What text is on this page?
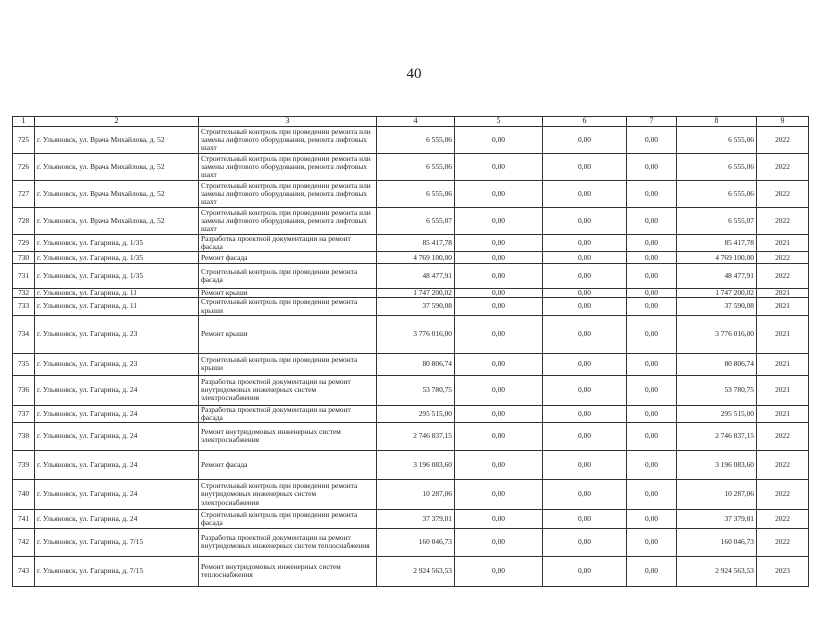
40
1	2	3	4	5	6	7	8	9
725	г. Ульяновск, ул. Врача Михайлова, д. 52	Строительный контроль при проведении ремонта или замены лифтового оборудования, ремонта лифтовых шахт	6 555,06	0,00	0,00	0,00	6 555,06	2022
726	г. Ульяновск, ул. Врача Михайлова, д. 52	Строительный контроль при проведении ремонта или замены лифтового оборудования, ремонта лифтовых шахт	6 555,06	0,00	0,00	0,00	6 555,06	2022
727	г. Ульяновск, ул. Врача Михайлова, д. 52	Строительный контроль при проведении ремонта или замены лифтового оборудования, ремонта лифтовых шахт	6 555,06	0,00	0,00	0,00	6 555,06	2022
728	г. Ульяновск, ул. Врача Михайлова, д. 52	Строительный контроль при проведении ремонта или замены лифтового оборудования, ремонта лифтовых шахт	6 555,07	0,00	0,00	0,00	6 555,07	2022
729	г. Ульяновск, ул. Гагарина, д. 1/35	Разработка проектной документации на ремонт фасада	85 417,78	0,00	0,00	0,00	85 417,78	2021
730	г. Ульяновск, ул. Гагарина, д. 1/35	Ремонт фасада	4 769 100,00	0,00	0,00	0,00	4 769 100,00	2022
731	г. Ульяновск, ул. Гагарина, д. 1/35	Строительный контроль при проведении ремонта фасада	48 477,91	0,00	0,00	0,00	48 477,91	2022
732	г. Ульяновск, ул. Гагарина, д. 11	Ремонт крыши	1 747 200,02	0,00	0,00	0,00	1 747 200,02	2021
733	г. Ульяновск, ул. Гагарина, д. 11	Строительный контроль при проведении ремонта крыши	37 590,08	0,00	0,00	0,00	37 590,08	2021
734	г. Ульяновск, ул. Гагарина, д. 23	Ремонт крыши	3 776 016,00	0,00	0,00	0,00	3 776 016,00	2021
735	г. Ульяновск, ул. Гагарина, д. 23	Строительный контроль при проведении ремонта крыши	80 806,74	0,00	0,00	0,00	80 806,74	2021
736	г. Ульяновск, ул. Гагарина, д. 24	Разработка проектной документации на ремонт внутридомовых инженерных систем электроснабжения	53 780,75	0,00	0,00	0,00	53 780,75	2021
737	г. Ульяновск, ул. Гагарина, д. 24	Разработка проектной документации на ремонт фасада	295 515,00	0,00	0,00	0,00	295 515,00	2021
738	г. Ульяновск, ул. Гагарина, д. 24	Ремонт внутридомовых инженерных систем электроснабжения	2 746 837,15	0,00	0,00	0,00	2 746 837,15	2022
739	г. Ульяновск, ул. Гагарина, д. 24	Ремонт фасада	3 196 083,60	0,00	0,00	0,00	3 196 083,60	2022
740	г. Ульяновск, ул. Гагарина, д. 24	Строительный контроль при проведении ремонта внутридомовых инженерных систем электроснабжения	10 287,06	0,00	0,00	0,00	10 287,06	2022
741	г. Ульяновск, ул. Гагарина, д. 24	Строительный контроль при проведении ремонта фасада	37 379,01	0,00	0,00	0,00	37 379,01	2022
742	г. Ульяновск, ул. Гагарина, д. 7/15	Разработка проектной документации на ремонт внутридомовых инженерных систем теплоснабжения	160 046,73	0,00	0,00	0,00	160 046,73	2022
743	г. Ульяновск, ул. Гагарина, д. 7/15	Ремонт внутридомовых инженерных систем теплоснабжения	2 924 563,53	0,00	0,00	0,00	2 924 563,53	2023
